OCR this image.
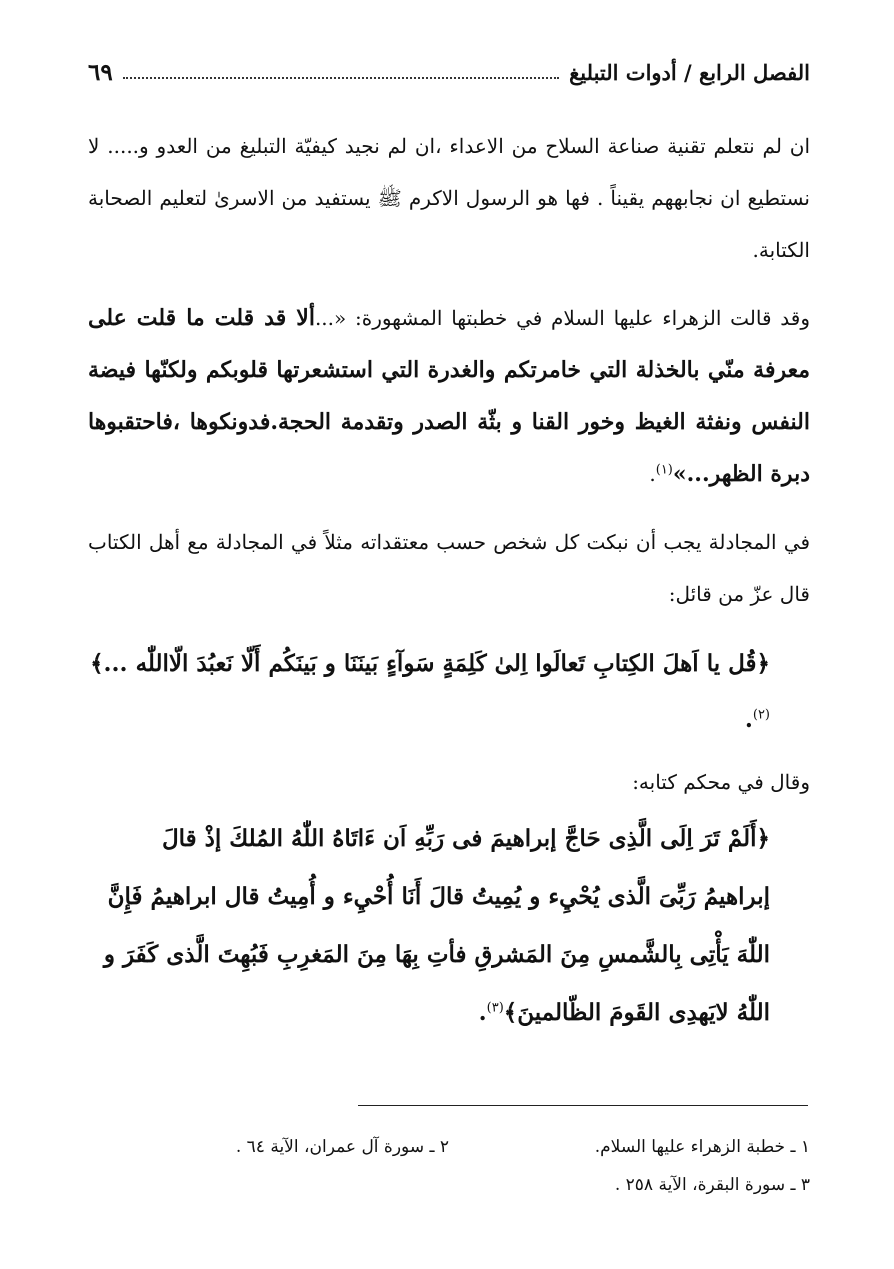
الفصل الرابع / أدوات التبليغ
٦٩

ان لم نتعلم تقنية صناعة السلاح من الاعداء ،ان لم نجيد كيفيّة التبليغ من العدو و..... لا نستطيع ان نجابههم يقيناً . فها هو الرسول الاكرم ﷺ يستفيد من الاسرىٰ لتعليم الصحابة الكتابة.

وقد قالت الزهراء عليها السلام في خطبتها المشهورة: «...ألا قد قلت ما قلت على معرفة منّي بالخذلة التي خامرتكم والغدرة التي استشعرتها قلوبكم ولكنّها فيضة النفس ونفثة الغيظ وخور القنا و بثّة الصدر وتقدمة الحجة.فدونكوها ،فاحتقبوها دبرة الظهر...»$^{(١)}$.

في المجادلة يجب أن نبكت كل شخص حسب معتقداته مثلاً في المجادلة مع أهل الكتاب قال عزّ من قائل:

﴿قُل يا اَهلَ الكِتابِ تَعالَوا اِلىٰ كَلِمَةٍ سَوآءٍ بَينَنَا و بَينَكُم أَلّا نَعبُدَ الّااللّٰه ...﴾$^{(٢)}$.

وقال في محكم كتابه:

﴿أَلَمْ تَرَ اِلَى الَّذِى حَاجَّ إبراهيمَ فى رَبِّهِ اَن ءَاتَاهُ اللّٰهُ المُلكَ إذْ قالَ إبراهيمُ رَبِّىَ الَّذى يُحْيِء و يُمِيتُ قالَ أَنَا أُحْيِء و أُمِيتُ قال ابراهيمُ فَإِنَّ اللّٰهَ يَأْتِى بِالشَّمسِ مِنَ المَشرقِ فأتِ بِهَا مِنَ المَغرِبِ فَبُهِتَ الَّذى كَفَرَ و اللّٰهُ لايَهدِى القَومَ الظّالمينَ﴾$^{(٣)}$.

١ ـ خطبة الزهراء عليها السلام.
٢ ـ سورة آل عمران، الآية ٦٤ .
٣ ـ سورة البقرة، الآية ٢٥٨ .
